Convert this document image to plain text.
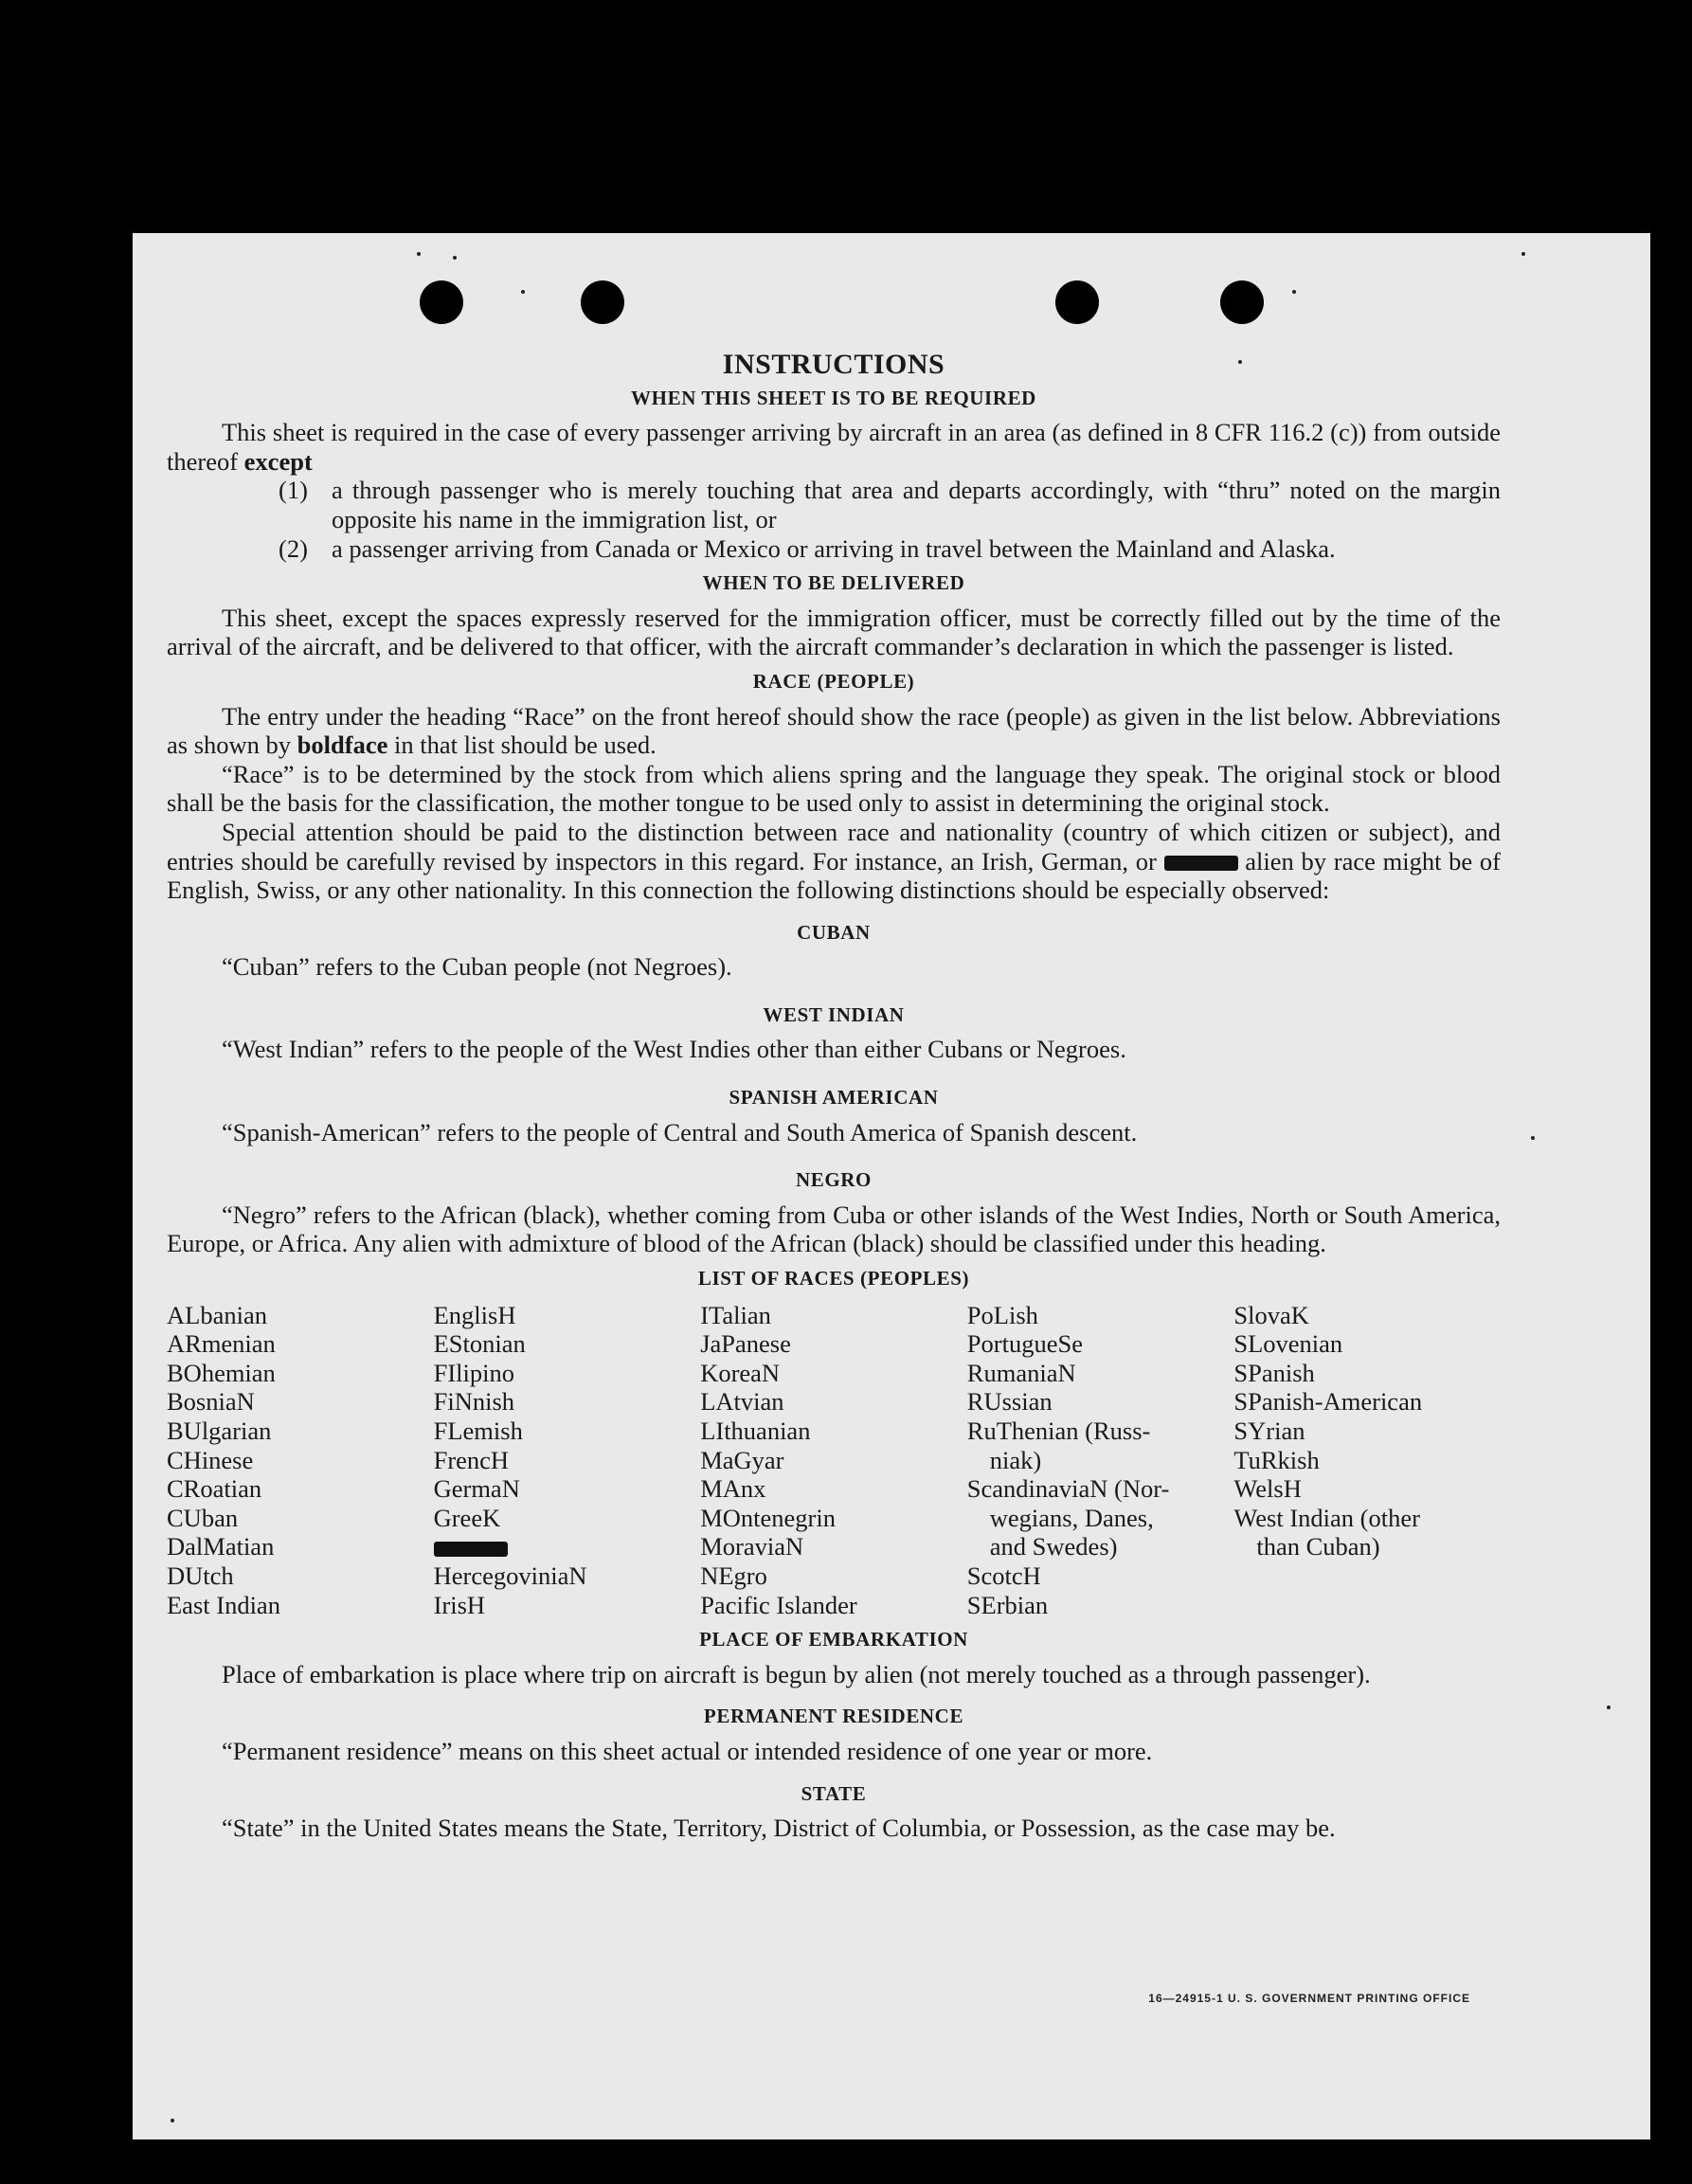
INSTRUCTIONS
WHEN THIS SHEET IS TO BE REQUIRED

This sheet is required in the case of every passenger arriving by aircraft in an area (as defined in 8 CFR 116.2 (c)) from outside thereof except

(1) a through passenger who is merely touching that area and departs accordingly, with “thru” noted on the margin opposite his name in the immigration list, or
(2) a passenger arriving from Canada or Mexico or arriving in travel between the Mainland and Alaska.
WHEN TO BE DELIVERED

This sheet, except the spaces expressly reserved for the immigration officer, must be correctly filled out by the time of the arrival of the aircraft, and be delivered to that officer, with the aircraft commander’s declaration in which the passenger is listed.

RACE (PEOPLE)

The entry under the heading “Race” on the front hereof should show the race (people) as given in the list below. Abbreviations as shown by boldface in that list should be used.

“Race” is to be determined by the stock from which aliens spring and the language they speak. The original stock or blood shall be the basis for the classification, the mother tongue to be used only to assist in determining the original stock.

Special attention should be paid to the distinction between race and nationality (country of which citizen or subject), and entries should be carefully revised by inspectors in this regard. For instance, an Irish, German, or	alien by race might be of English, Swiss, or any other nationality. In this connection the following distinctions should be especially observed:

CUBAN

“Cuban” refers to the Cuban people (not Negroes).

WEST INDIAN

“West Indian” refers to the people of the West Indies other than either Cubans or Negroes.

SPANISH AMERICAN

“Spanish-American” refers to the people of Central and South America of Spanish descent.

NEGRO

“Negro” refers to the African (black), whether coming from Cuba or other islands of the West Indies, North or South America, Europe, or Africa. Any alien with admixture of blood of the African (black) should be classified under this heading.

LIST OF RACES (PEOPLES)
ALbanian
ARmenian
BOhemian
BosniaN
BUlgarian
CHinese
CRoatian
CUban
DalMatian
DUtch
East Indian
EnglisH
EStonian
FIlipino
FiNnish
FLemish
FrencH
GermaN
GreeK
HercegoviniaN
IrisH
ITalian
JaPanese
KoreaN
LAtvian
LIthuanian
MaGyar
MAnx
MOntenegrin
MoraviaN
NEgro
Pacific Islander
PoLish
PortugueSe
RumaniaN
RUssian
RuThenian (Russ-
niak)
ScandinaviaN (Nor-
wegians, Danes,
and Swedes)
ScotcH
SErbian
SlovaK
SLovenian
SPanish
SPanish-American
SYrian
TuRkish
WelsH
West Indian (other
than Cuban)
PLACE OF EMBARKATION

Place of embarkation is place where trip on aircraft is begun by alien (not merely touched as a through passenger).

PERMANENT RESIDENCE

“Permanent residence” means on this sheet actual or intended residence of one year or more.

STATE

“State” in the United States means the State, Territory, District of Columbia, or Possession, as the case may be.

16—24915-1 U. S. GOVERNMENT PRINTING OFFICE
